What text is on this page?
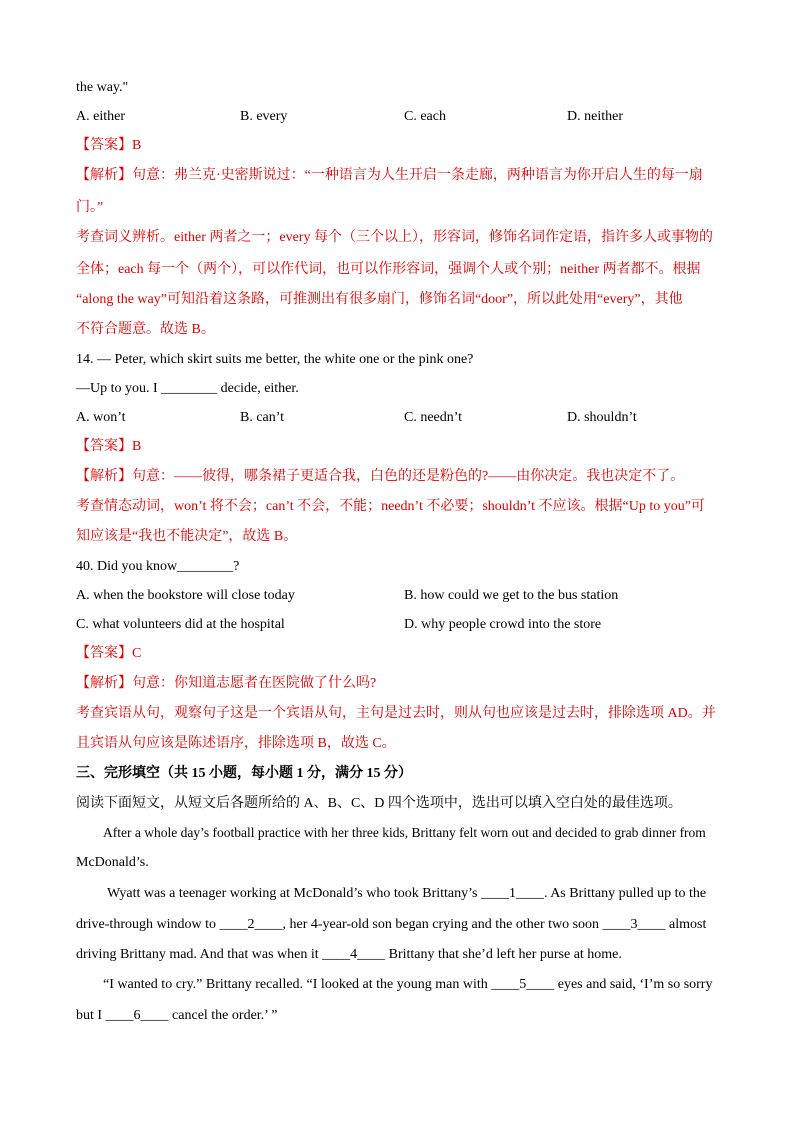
the way."
A. either	B. every	C. each	D. neither
【答案】B
【解析】句意：弗兰克·史密斯说过：“一种语言为人生开启一条走廊，两种语言为你开启人生的每一扇
门。”
考查词义辨析。either 两者之一；every 每个（三个以上），形容词，修饰名词作定语，指许多人或事物的
全体；each 每一个（两个），可以作代词，也可以作形容词，强调个人或个别；neither 两者都不。根据
“along the way”可知沿着这条路，可推测出有很多扇门，修饰名词“door”，所以此处用“every”，其他
不符合题意。故选 B。
14. — Peter, which skirt suits me better, the white one or the pink one?
—Up to you. I ________ decide, either.
A. won’t	B. can’t	C. needn’t	D. shouldn’t
【答案】B
【解析】句意：——彼得，哪条裙子更适合我，白色的还是粉色的?——由你决定。我也决定不了。
考查情态动词，won’t 将不会；can’t 不会，不能；needn’t 不必要；shouldn’t 不应该。根据“Up to you”可
知应该是“我也不能决定”，故选 B。
40. Did you know________?
A. when the bookstore will close today	B. how could we get to the bus station
C. what volunteers did at the hospital	D. why people crowd into the store
【答案】C
【解析】句意：你知道志愿者在医院做了什么吗?
考查宾语从句，观察句子这是一个宾语从句，主句是过去时，则从句也应该是过去时，排除选项 AD。并
且宾语从句应该是陈述语序，排除选项 B，故选 C。
三、完形填空（共 15 小题，每小题 1 分，满分 15 分）
阅读下面短文，从短文后各题所给的 A、B、C、D 四个选项中，选出可以填入空白处的最佳选项。
After a whole day’s football practice with her three kids, Brittany felt worn out and decided to grab dinner from
McDonald’s.
Wyatt was a teenager working at McDonald’s who took Brittany’s ____1____. As Brittany pulled up to the
drive-through window to ____2____, her 4-year-old son began crying and the other two soon ____3____ almost
driving Brittany mad. And that was when it ____4____ Brittany that she’d left her purse at home.
“I wanted to cry.” Brittany recalled. “I looked at the young man with ____5____ eyes and said, ‘I’m so sorry
but I ____6____ cancel the order.’ ”
